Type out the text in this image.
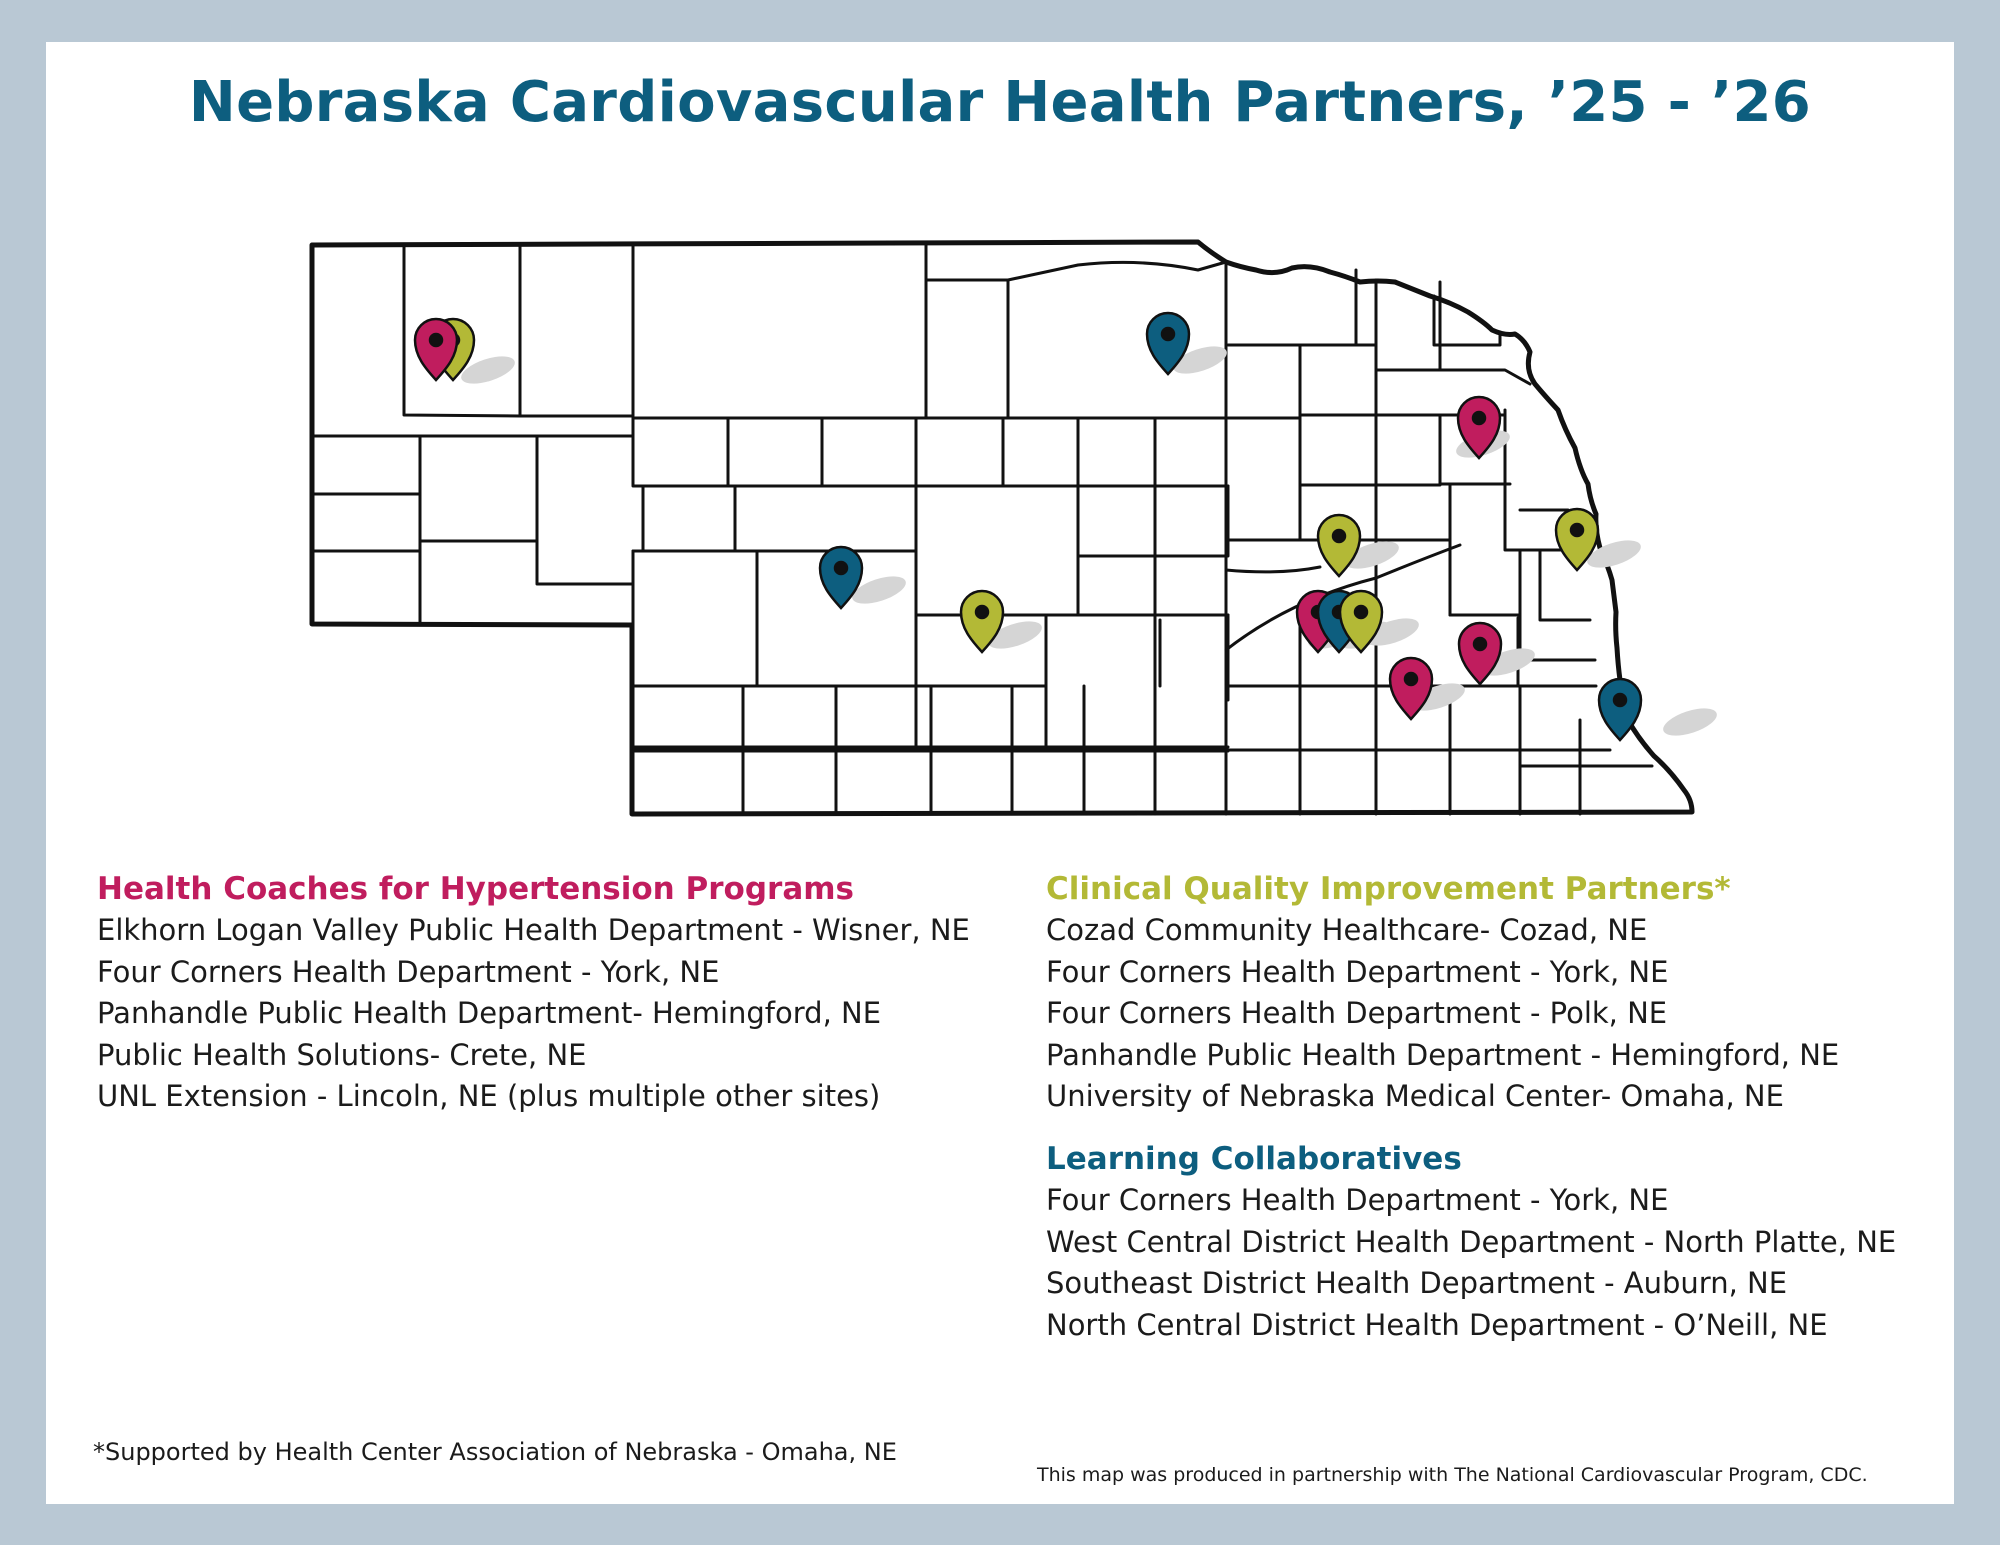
Nebraska Cardiovascular Health Partners, ’25 - ’26
Health Coaches for Hypertension Programs
Elkhorn Logan Valley Public Health Department - Wisner, NE
Four Corners Health Department - York, NE
Panhandle Public Health Department- Hemingford, NE
Public Health Solutions- Crete, NE
UNL Extension - Lincoln, NE (plus multiple other sites)
Clinical Quality Improvement Partners*
Cozad Community Healthcare- Cozad, NE
Four Corners Health Department - York, NE
Four Corners Health Department - Polk, NE
Panhandle Public Health Department - Hemingford, NE
University of Nebraska Medical Center- Omaha, NE
Learning Collaboratives
Four Corners Health Department - York, NE
West Central District Health Department - North Platte, NE
Southeast District Health Department - Auburn, NE
North Central District Health Department - O’Neill, NE
*Supported by Health Center Association of Nebraska - Omaha, NE
This map was produced in partnership with The National Cardiovascular Program, CDC.
